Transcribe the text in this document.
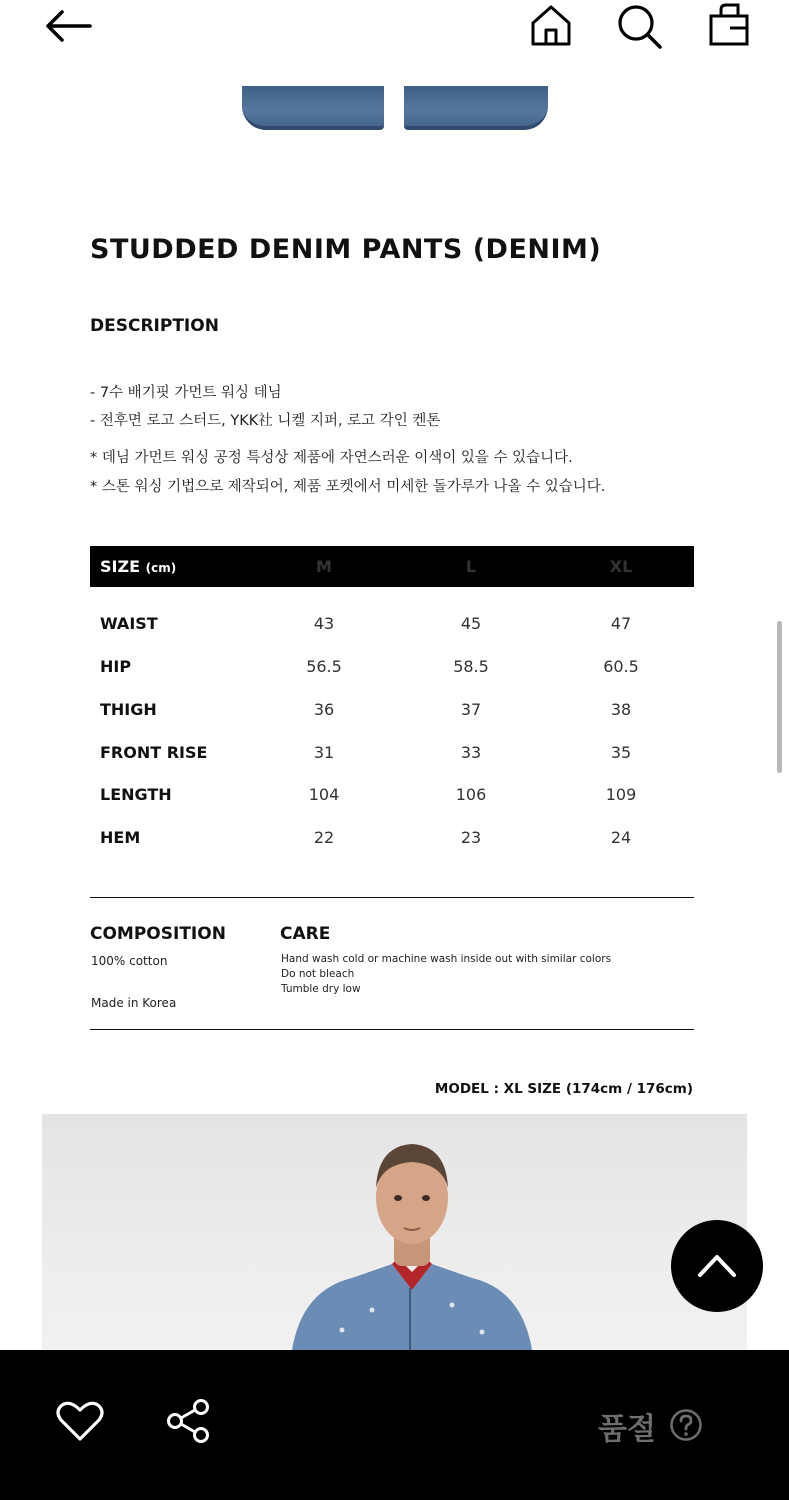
STUDDED DENIM PANTS (DENIM)
DESCRIPTION
- 7수 배기핏 가먼트 워싱 데님
- 전후면 로고 스터드, YKK社 니켈 지퍼, 로고 각인 켄톤
* 데님 가먼트 워싱 공정 특성상 제품에 자연스러운 이색이 있을 수 있습니다.
* 스톤 워싱 기법으로 제작되어, 제품 포켓에서 미세한 돌가루가 나올 수 있습니다.
SIZE (cm)	M	L	XL
WAIST	43	45	47
HIP	56.5	58.5	60.5
THIGH	36	37	38
FRONT RISE	31	33	35
LENGTH	104	106	109
HEM	22	23	24
COMPOSITION
100% cotton
Made in Korea
CARE
Hand wash cold or machine wash inside out with similar colors
Do not bleach
Tumble dry low
MODEL : XL SIZE (174cm / 176cm)
품절
